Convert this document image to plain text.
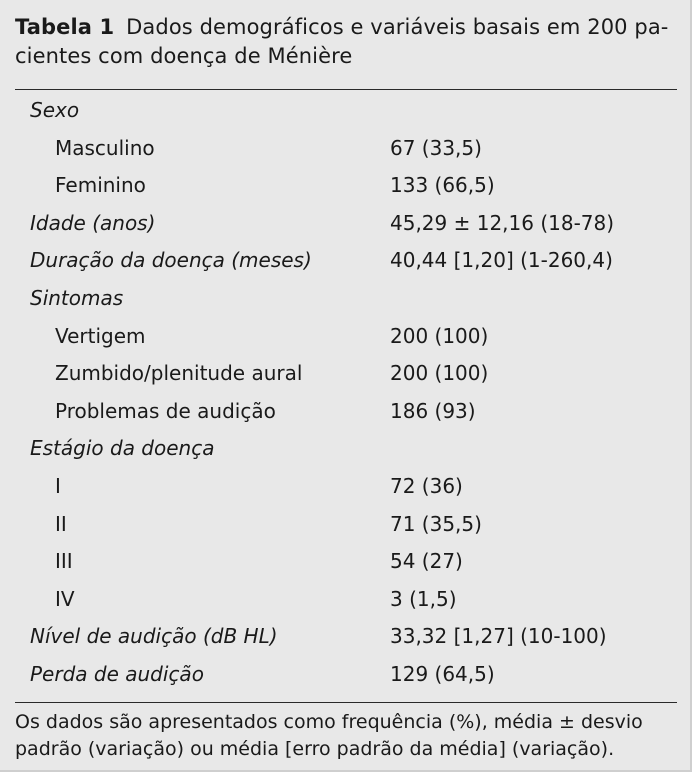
Tabela 1 Dados demográficos e variáveis basais em 200 pa-
cientes com doença de Ménière
Sexo
Masculino	67 (33,5)
Feminino	133 (66,5)
Idade (anos)	45,29 ± 12,16 (18-78)
Duração da doença (meses)	40,44 [1,20] (1-260,4)
Sintomas
Vertigem	200 (100)
Zumbido/plenitude aural	200 (100)
Problemas de audição	186 (93)
Estágio da doença
I	72 (36)
II	71 (35,5)
III	54 (27)
IV	3 (1,5)
Nível de audição (dB HL)	33,32 [1,27] (10-100)
Perda de audição	129 (64,5)
Os dados são apresentados como frequência (%), média ± desvio
padrão (variação) ou média [erro padrão da média] (variação).
